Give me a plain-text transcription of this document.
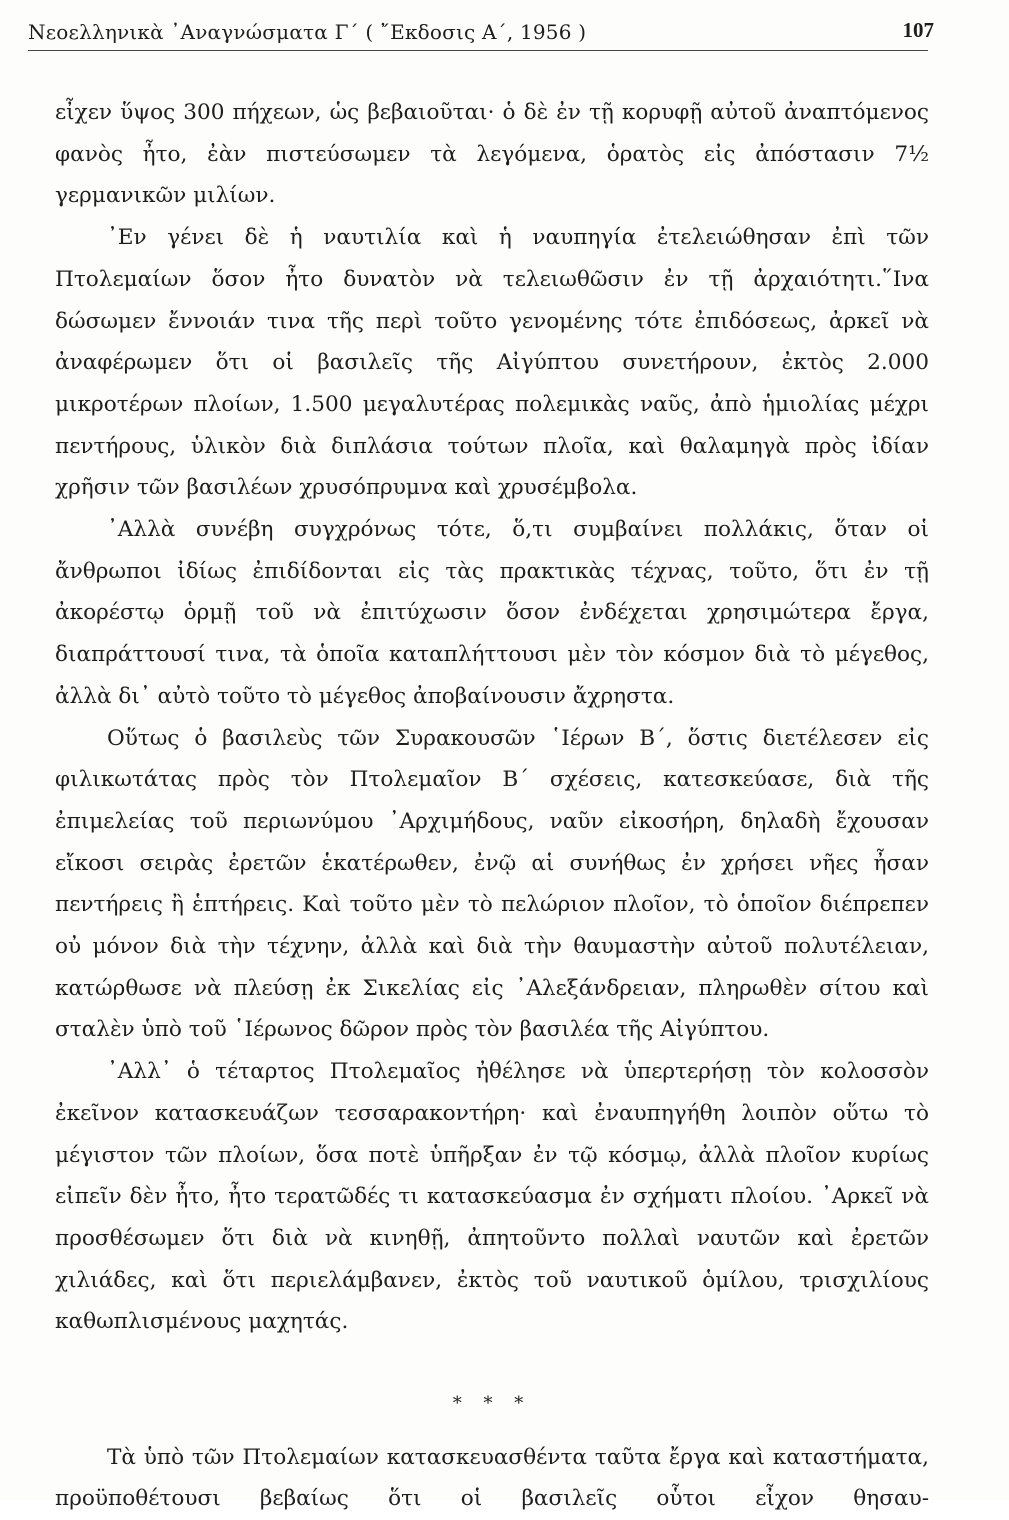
Νεοελληνικὰ ᾿Αναγνώσματα Γ΄ ( ῎Εκδοσις Α΄, 1956 )	107

εἶχεν ὕψος 300 πήχεων, ὡς βεβαιοῦται· ὁ δὲ ἐν τῇ κορυφῇ αὐτοῦ ἀναπτόμενος φανὸς ἦτο, ἐὰν πιστεύσωμεν τὰ λεγόμενα, ὁρατὸς εἰς ἀπόστασιν 7½ γερμανικῶν μιλίων.

᾿Εν γένει δὲ ἡ ναυτιλία καὶ ἡ ναυπηγία ἐτελειώθησαν ἐπὶ τῶν Πτολεμαίων ὅσον ἦτο δυνατὸν νὰ τελειωθῶσιν ἐν τῇ ἀρχαιότητι.῞Ινα δώσωμεν ἔννοιάν τινα τῆς περὶ τοῦτο γενομένης τότε ἐπιδόσεως, ἀρκεῖ νὰ ἀναφέρωμεν ὅτι οἱ βασιλεῖς τῆς Αἰγύπτου συνετήρουν, ἐκτὸς 2.000 μικροτέρων πλοίων, 1.500 μεγαλυτέρας πολεμικὰς ναῦς, ἀπὸ ἡμιολίας μέχρι πεντήρους, ὑλικὸν διὰ διπλάσια τούτων πλοῖα, καὶ θαλαμηγὰ πρὸς ἰδίαν χρῆσιν τῶν βασιλέων χρυσόπρυμνα καὶ χρυσέμβολα.

᾿Αλλὰ συνέβη συγχρόνως τότε, ὅ,τι συμβαίνει πολλάκις, ὅταν οἱ ἄνθρωποι ἰδίως ἐπιδίδονται εἰς τὰς πρακτικὰς τέχνας, τοῦτο, ὅτι ἐν τῇ ἀκορέστῳ ὁρμῇ τοῦ νὰ ἐπιτύχωσιν ὅσον ἐνδέχεται χρησιμώτερα ἔργα, διαπράττουσί τινα, τὰ ὁποῖα καταπλήττουσι μὲν τὸν κόσμον διὰ τὸ μέγεθος, ἀλλὰ δι᾿ αὐτὸ τοῦτο τὸ μέγεθος ἀποβαίνουσιν ἄχρηστα.

Οὕτως ὁ βασιλεὺς τῶν Συρακουσῶν ῾Ιέρων Β΄, ὅστις διετέλεσεν εἰς φιλικωτάτας πρὸς τὸν Πτολεμαῖον Β΄ σχέσεις, κατεσκεύασε, διὰ τῆς ἐπιμελείας τοῦ περιωνύμου ᾿Αρχιμήδους, ναῦν εἰκοσήρη, δηλαδὴ ἔχουσαν εἴκοσι σειρὰς ἐρετῶν ἑκατέρωθεν, ἐνῷ αἱ συνήθως ἐν χρήσει νῆες ἦσαν πεντήρεις ἢ ἑπτήρεις. Καὶ τοῦτο μὲν τὸ πελώριον πλοῖον, τὸ ὁποῖον διέπρεπεν οὐ μόνον διὰ τὴν τέχνην, ἀλλὰ καὶ διὰ τὴν θαυμαστὴν αὐτοῦ πολυτέλειαν, κατώρθωσε νὰ πλεύσῃ ἐκ Σικελίας εἰς ᾿Αλεξάνδρειαν, πληρωθὲν σίτου καὶ σταλὲν ὑπὸ τοῦ ῾Ιέρωνος δῶρον πρὸς τὸν βασιλέα τῆς Αἰγύπτου.

᾿Αλλ᾿ ὁ τέταρτος Πτολεμαῖος ἠθέλησε νὰ ὑπερτερήσῃ τὸν κολοσσὸν ἐκεῖνον κατασκευάζων τεσσαρακοντήρη· καὶ ἐναυπηγήθη λοιπὸν οὕτω τὸ μέγιστον τῶν πλοίων, ὅσα ποτὲ ὑπῆρξαν ἐν τῷ κόσμῳ, ἀλλὰ πλοῖον κυρίως εἰπεῖν δὲν ἦτο, ἦτο τερατῶδές τι κατασκεύασμα ἐν σχήματι πλοίου. ᾿Αρκεῖ νὰ προσθέσωμεν ὅτι διὰ νὰ κινηθῇ, ἀπητοῦντο πολλαὶ ναυτῶν καὶ ἐρετῶν χιλιάδες, καὶ ὅτι περιελάμβανεν, ἐκτὸς τοῦ ναυτικοῦ ὁμίλου, τρισχιλίους καθωπλισμένους μαχητάς.

* * *

Τὰ ὑπὸ τῶν Πτολεμαίων κατασκευασθέντα ταῦτα ἔργα καὶ καταστήματα, προϋποθέτουσι βεβαίως ὅτι οἱ βασιλεῖς οὗτοι εἶχον θησαυ-
